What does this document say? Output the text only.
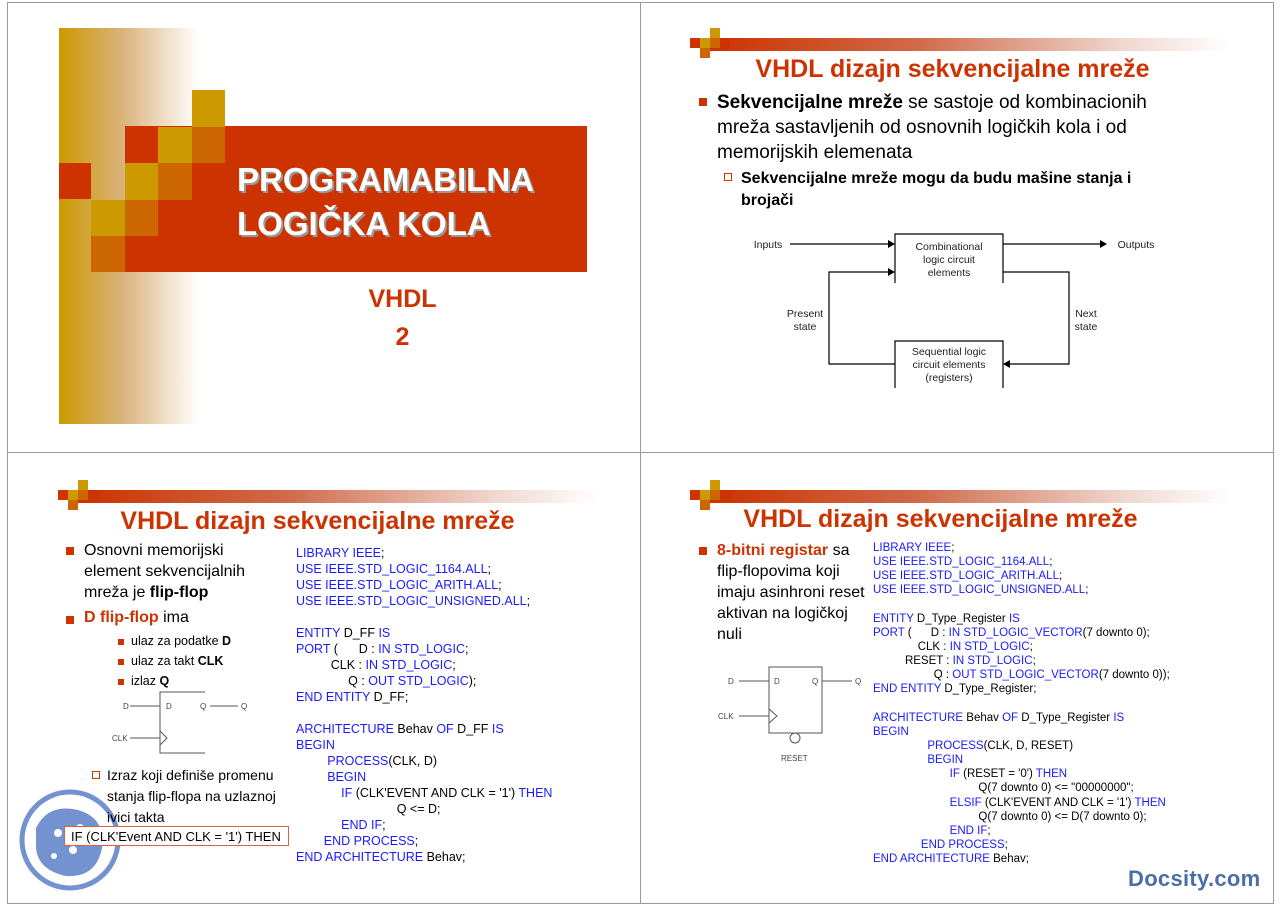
PROGRAMABILNA
LOGIČKA KOLA
VHDL
2
VHDL dizajn sekvencijalne mreže
Sekvencijalne mreže se sastoje od kombinacionih mreža sastavljenih od osnovnih logičkih kola i od memorijskih elemenata
Sekvencijalne mreže mogu da budu mašine stanja i brojači
Inputs	Outputs
Combinational
logic circuit
elements
Sequential logic
circuit elements
(registers)
Present
state
Next
state
VHDL dizajn sekvencijalne mreže
Osnovni memorijski element sekvencijalnih mreža je flip-flop
D flip-flop ima
ulaz za podatke D
ulaz za takt CLK
izlaz Q
D	D	Q	Q
CLK
Izraz koji definiše promenu stanja flip-flopa na uzlaznoj ivici takta
IF (CLK'Event AND CLK = '1') THEN
LIBRARY IEEE;
USE IEEE.STD_LOGIC_1164.ALL;
USE IEEE.STD_LOGIC_ARITH.ALL;
USE IEEE.STD_LOGIC_UNSIGNED.ALL;
ENTITY D_FF IS
PORT (      D : IN STD_LOGIC;
CLK : IN STD_LOGIC;
Q : OUT STD_LOGIC);
END ENTITY D_FF;
ARCHITECTURE Behav OF D_FF IS
BEGIN
PROCESS(CLK, D)
BEGIN
IF (CLK'EVENT AND CLK = '1') THEN
Q <= D;
END IF;
END PROCESS;
END ARCHITECTURE Behav;
VHDL dizajn sekvencijalne mreže
8-bitni registar sa flip-flopovima koji imaju asinhroni reset aktivan na logičkoj nuli
D	D	Q	Q
CLK
RESET
LIBRARY IEEE;
USE IEEE.STD_LOGIC_1164.ALL;
USE IEEE.STD_LOGIC_ARITH.ALL;
USE IEEE.STD_LOGIC_UNSIGNED.ALL;
ENTITY D_Type_Register IS
PORT (      D : IN STD_LOGIC_VECTOR(7 downto 0);
CLK : IN STD_LOGIC;
RESET : IN STD_LOGIC;
Q : OUT STD_LOGIC_VECTOR(7 downto 0));
END ENTITY D_Type_Register;
ARCHITECTURE Behav OF D_Type_Register IS
BEGIN
PROCESS(CLK, D, RESET)
BEGIN
IF (RESET = '0') THEN
Q(7 downto 0) <= "00000000";
ELSIF (CLK'EVENT AND CLK = '1') THEN
Q(7 downto 0) <= D(7 downto 0);
END IF;
END PROCESS;
END ARCHITECTURE Behav;
Docsity.com
